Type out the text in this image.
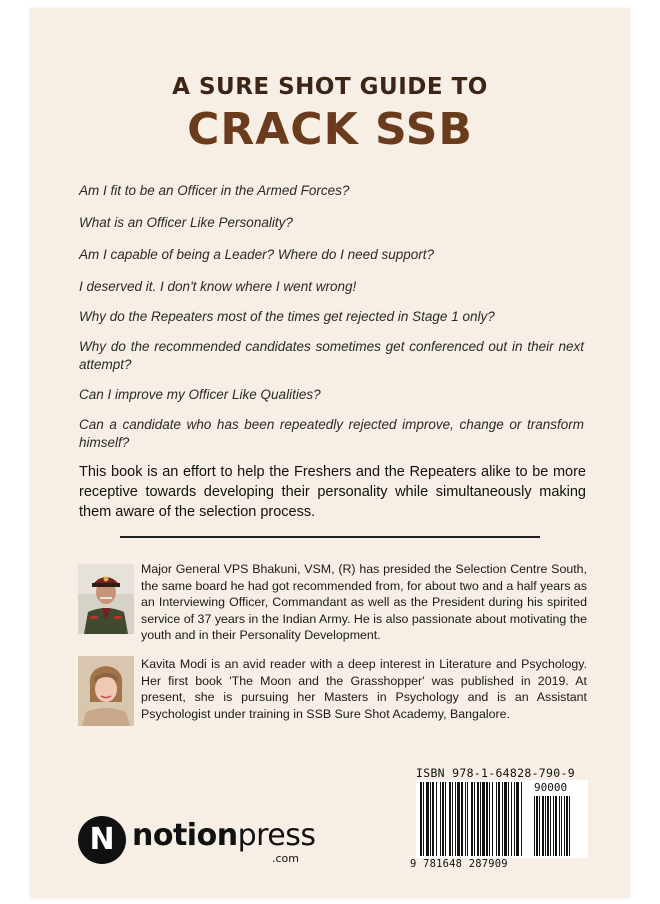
A SURE SHOT GUIDE TO
CRACK SSB
Am I fit to be an Officer in the Armed Forces?
What is an Officer Like Personality?
Am I capable of being a Leader? Where do I need support?
I deserved it. I don't know where I went wrong!
Why do the Repeaters most of the times get rejected in Stage 1 only?
Why do the recommended candidates sometimes get conferenced out in their next attempt?
Can I improve my Officer Like Qualities?
Can a candidate who has been repeatedly rejected improve, change or transform himself?
This book is an effort to help the Freshers and the Repeaters alike to be more receptive towards developing their personality while simultaneously making them aware of the selection process.
Major General VPS Bhakuni, VSM, (R) has presided the Selection Centre South, the same board he had got recommended from, for about two and a half years as an Interviewing Officer, Commandant as well as the President during his spirited service of 37 years in the Indian Army. He is also passionate about motivating the youth and in their Personality Development.
Kavita Modi is an avid reader with a deep interest in Literature and Psychology. Her first book 'The Moon and the Grasshopper' was published in 2019. At present, she is pursuing her Masters in Psychology and is an Assistant Psychologist under training in SSB Sure Shot Academy, Bangalore.
ISBN 978-1-64828-790-9
90000
9 781648 287909
N notionpress
.com
